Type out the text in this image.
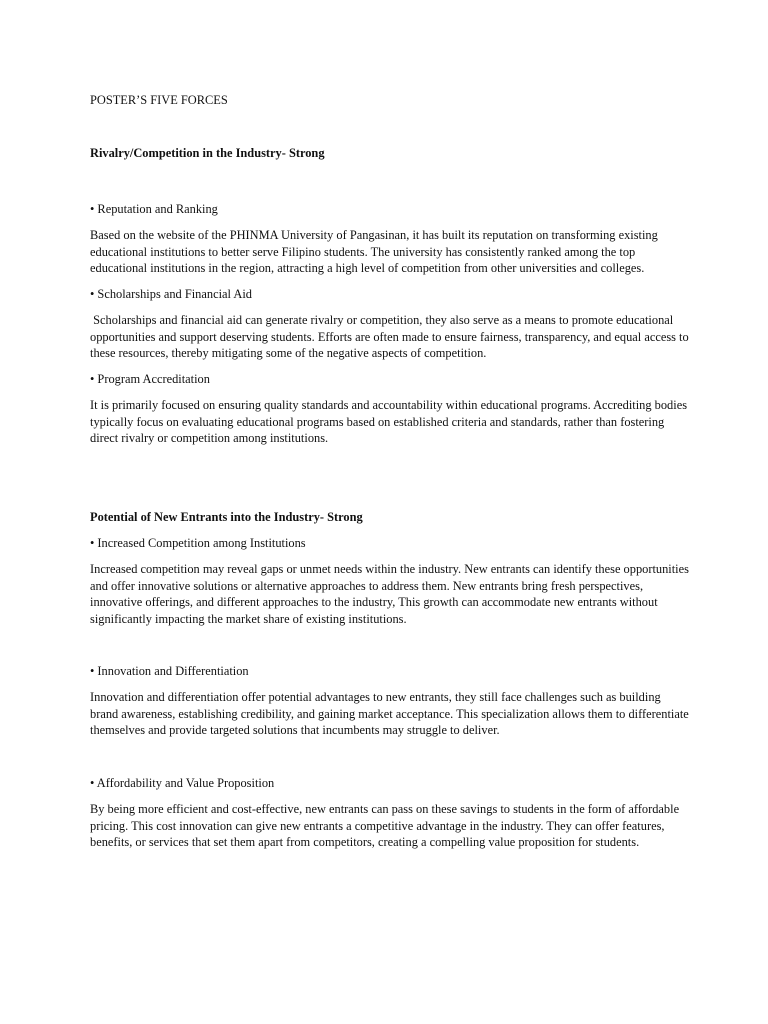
POSTER’S FIVE FORCES

Rivalry/Competition in the Industry- Strong

• Reputation and Ranking

Based on the website of the PHINMA University of Pangasinan, it has built its reputation on transforming existing educational institutions to better serve Filipino students. The university has consistently ranked among the top educational institutions in the region, attracting a high level of competition from other universities and colleges.

• Scholarships and Financial Aid

Scholarships and financial aid can generate rivalry or competition, they also serve as a means to promote educational opportunities and support deserving students. Efforts are often made to ensure fairness, transparency, and equal access to these resources, thereby mitigating some of the negative aspects of competition.

• Program Accreditation

It is primarily focused on ensuring quality standards and accountability within educational programs. Accrediting bodies typically focus on evaluating educational programs based on established criteria and standards, rather than fostering direct rivalry or competition among institutions.

Potential of New Entrants into the Industry- Strong

• Increased Competition among Institutions

Increased competition may reveal gaps or unmet needs within the industry. New entrants can identify these opportunities and offer innovative solutions or alternative approaches to address them. New entrants bring fresh perspectives, innovative offerings, and different approaches to the industry, This growth can accommodate new entrants without significantly impacting the market share of existing institutions.

• Innovation and Differentiation

Innovation and differentiation offer potential advantages to new entrants, they still face challenges such as building brand awareness, establishing credibility, and gaining market acceptance. This specialization allows them to differentiate themselves and provide targeted solutions that incumbents may struggle to deliver.

• Affordability and Value Proposition

By being more efficient and cost-effective, new entrants can pass on these savings to students in the form of affordable pricing. This cost innovation can give new entrants a competitive advantage in the industry. They can offer features, benefits, or services that set them apart from competitors, creating a compelling value proposition for students.
